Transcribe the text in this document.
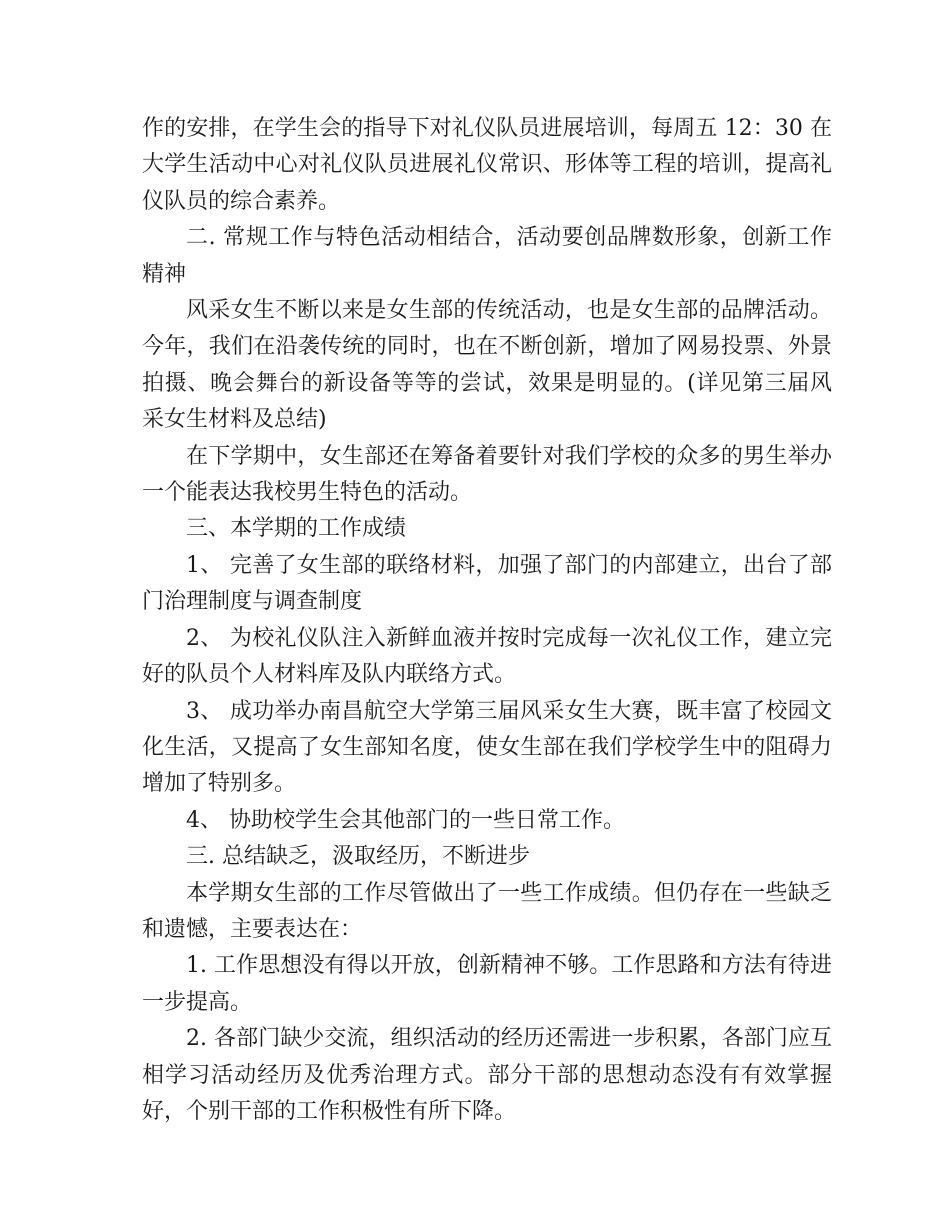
作的安排，在学生会的指导下对礼仪队员进展培训，每周五 12：30 在大学生活动中心对礼仪队员进展礼仪常识、形体等工程的培训，提高礼仪队员的综合素养。

二. 常规工作与特色活动相结合，活动要创品牌数形象，创新工作精神

风采女生不断以来是女生部的传统活动，也是女生部的品牌活动。今年，我们在沿袭传统的同时，也在不断创新，增加了网易投票、外景拍摄、晚会舞台的新设备等等的尝试，效果是明显的。(详见第三届风采女生材料及总结)

在下学期中，女生部还在筹备着要针对我们学校的众多的男生举办一个能表达我校男生特色的活动。

三、本学期的工作成绩

1、 完善了女生部的联络材料，加强了部门的内部建立，出台了部门治理制度与调查制度

2、 为校礼仪队注入新鲜血液并按时完成每一次礼仪工作，建立完好的队员个人材料库及队内联络方式。

3、 成功举办南昌航空大学第三届风采女生大赛，既丰富了校园文化生活，又提高了女生部知名度，使女生部在我们学校学生中的阻碍力增加了特别多。

4、 协助校学生会其他部门的一些日常工作。

三. 总结缺乏，汲取经历，不断进步

本学期女生部的工作尽管做出了一些工作成绩。但仍存在一些缺乏和遗憾，主要表达在：

1. 工作思想没有得以开放，创新精神不够。工作思路和方法有待进一步提高。

2. 各部门缺少交流，组织活动的经历还需进一步积累，各部门应互相学习活动经历及优秀治理方式。部分干部的思想动态没有有效掌握好，个别干部的工作积极性有所下降。
